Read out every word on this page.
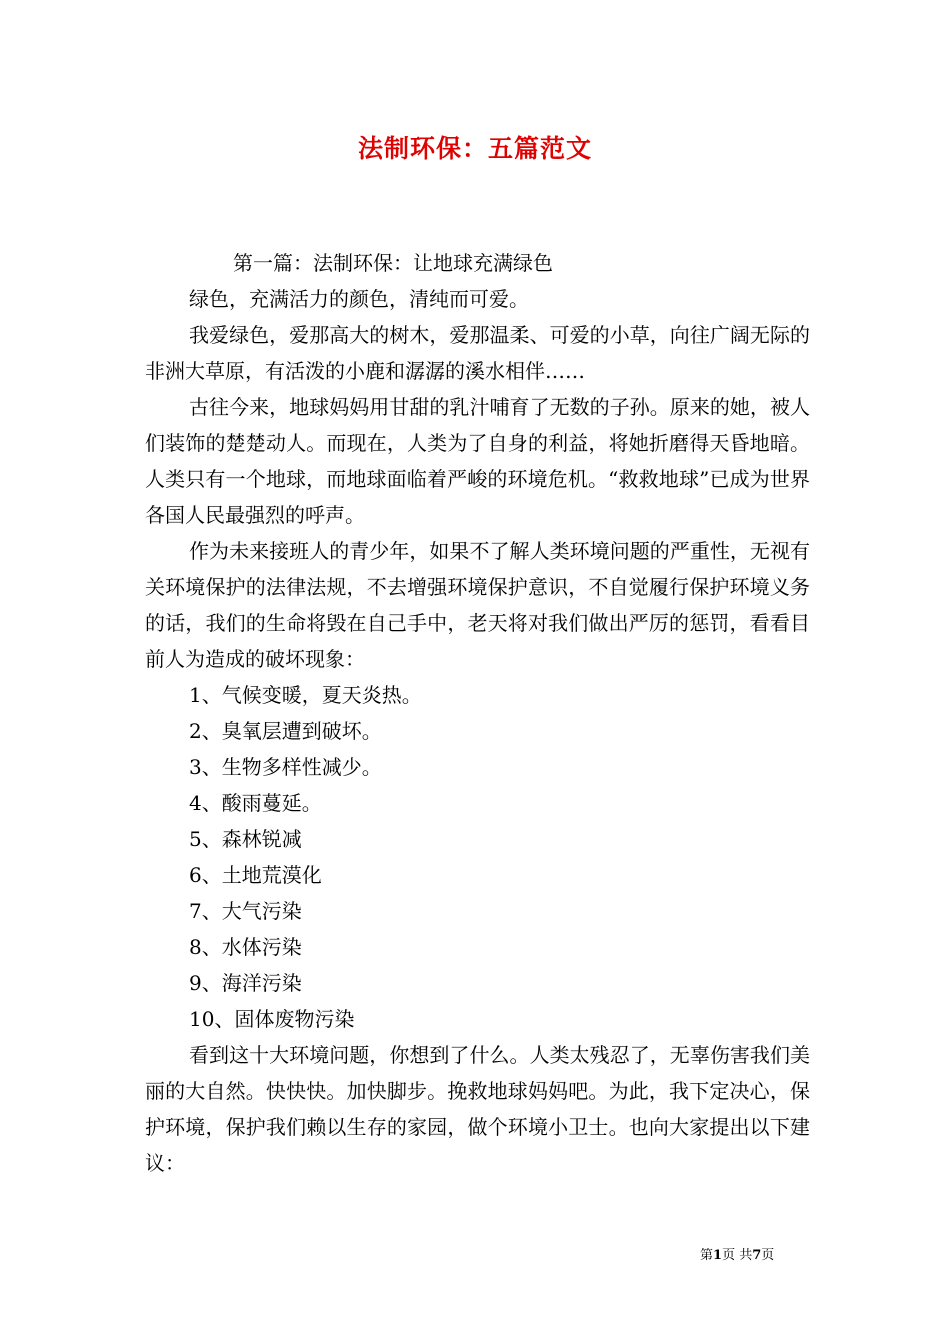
法制环保：五篇范文

第一篇：法制环保：让地球充满绿色

绿色，充满活力的颜色，清纯而可爱。

我爱绿色，爱那高大的树木，爱那温柔、可爱的小草，向往广阔无际的非洲大草原，有活泼的小鹿和潺潺的溪水相伴……

古往今来，地球妈妈用甘甜的乳汁哺育了无数的子孙。原来的她，被人们装饰的楚楚动人。而现在，人类为了自身的利益，将她折磨得天昏地暗。人类只有一个地球，而地球面临着严峻的环境危机。“救救地球”已成为世界各国人民最强烈的呼声。

作为未来接班人的青少年，如果不了解人类环境问题的严重性，无视有关环境保护的法律法规，不去增强环境保护意识，不自觉履行保护环境义务的话，我们的生命将毁在自己手中，老天将对我们做出严厉的惩罚，看看目前人为造成的破坏现象：

1、气候变暖，夏天炎热。

2、臭氧层遭到破坏。

3、生物多样性减少。

4、酸雨蔓延。

5、森林锐减

6、土地荒漠化

7、大气污染

8、水体污染

9、海洋污染

10、固体废物污染

看到这十大环境问题，你想到了什么。人类太残忍了，无辜伤害我们美丽的大自然。快快快。加快脚步。挽救地球妈妈吧。为此，我下定决心，保护环境，保护我们赖以生存的家园，做个环境小卫士。也向大家提出以下建议：

第1页 共7页
